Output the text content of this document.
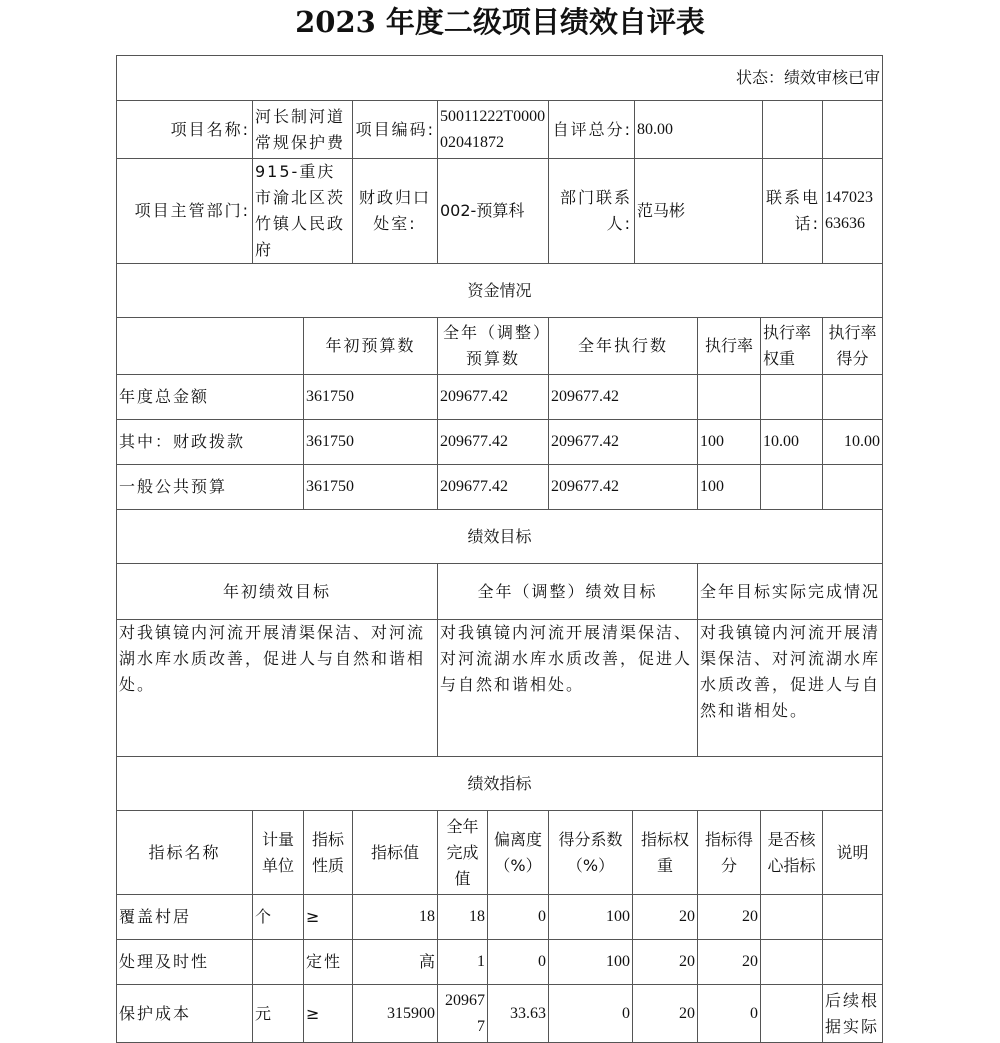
2023 年度二级项目绩效自评表
状态：绩效审核已审							
项目名称:	河长制河道常规保护费	项目编码:	50011222T000002041872	自评总分:	80.00		
项目主管部门:	915-重庆市渝北区茨竹镇人民政府	财政归口处室:	002-预算科	部门联系人:	范马彬	联系电话:	14702363636
资金情况						
	年初预算数	全年（调整）预算数	全年执行数	执行率	执行率权重	执行率得分
年度总金额	361750	209677.42	209677.42			
其中：财政拨款	361750	209677.42	209677.42	100	10.00	10.00
一般公共预算	361750	209677.42	209677.42	100		
绩效目标		
年初绩效目标	全年（调整）绩效目标	全年目标实际完成情况
对我镇镜内河流开展清渠保洁、对河流湖水库水质改善，促进人与自然和谐相处。	对我镇镜内河流开展清渠保洁、对河流湖水库水质改善，促进人与自然和谐相处。	对我镇镜内河流开展清渠保洁、对河流湖水库水质改善，促进人与自然和谐相处。
绩效指标										
指标名称	计量单位	指标性质	指标值	全年完成值	偏离度（%）	得分系数（%）	指标权重	指标得分	是否核心指标	说明
覆盖村居	个	≥	18	18	0	100	20	20		
处理及时性		定性	高	1	0	100	20	20		
保护成本	元	≥	315900	209677	33.63	0	20	0		后续根据实际
